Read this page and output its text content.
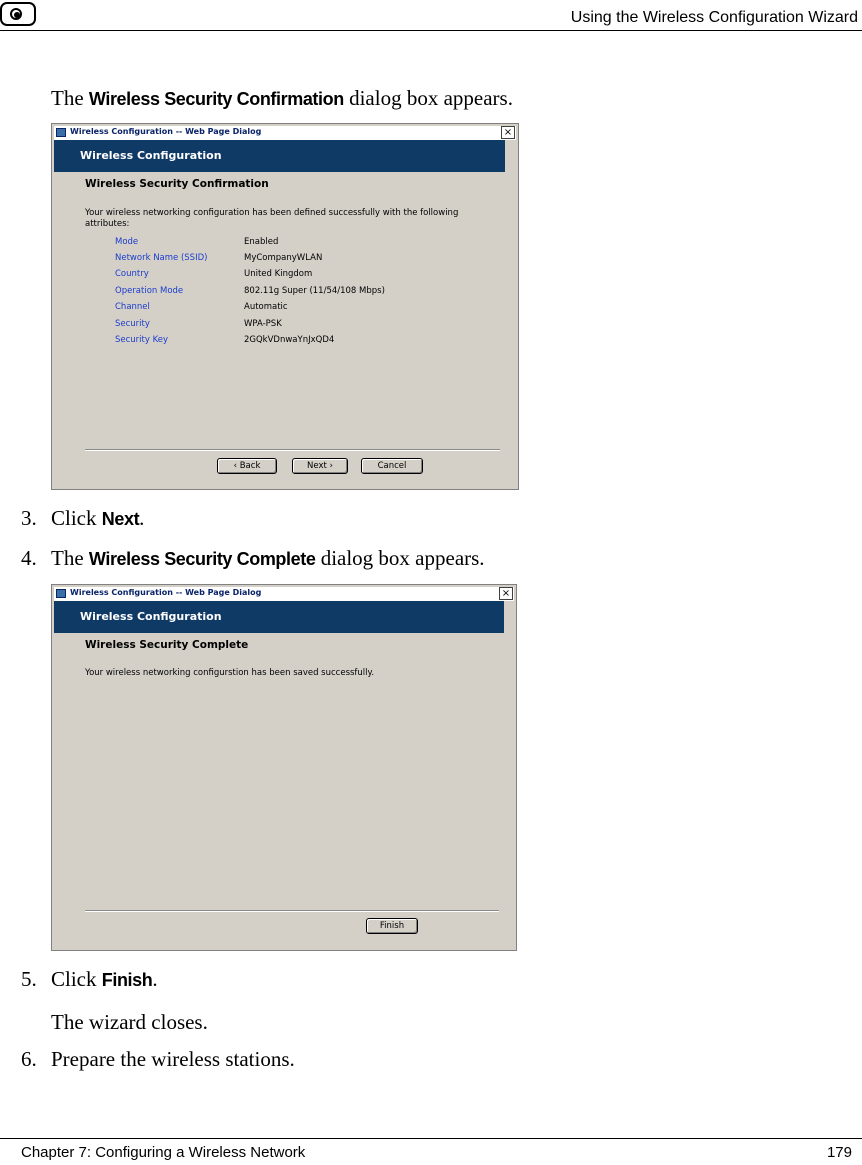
Using the Wireless Configuration Wizard
The Wireless Security Confirmation dialog box appears.
Wireless Configuration -- Web Page Dialog	×
Wireless Configuration
Wireless Security Confirmation
Your wireless networking configuration has been defined successfully with the following attributes:
Mode	Enabled
Network Name (SSID)	MyCompanyWLAN
Country	United Kingdom
Operation Mode	802.11g Super (11/54/108 Mbps)
Channel	Automatic
Security	WPA-PSK
Security Key	2GQkVDnwaYnJxQD4
‹ Back	Next ›	Cancel
3. Click Next.
4. The Wireless Security Complete dialog box appears.
Wireless Configuration -- Web Page Dialog	×
Wireless Configuration
Wireless Security Complete
Your wireless networking configurstion has been saved successfully.
Finish
5. Click Finish.
The wizard closes.
6. Prepare the wireless stations.
Chapter 7: Configuring a Wireless Network	179
